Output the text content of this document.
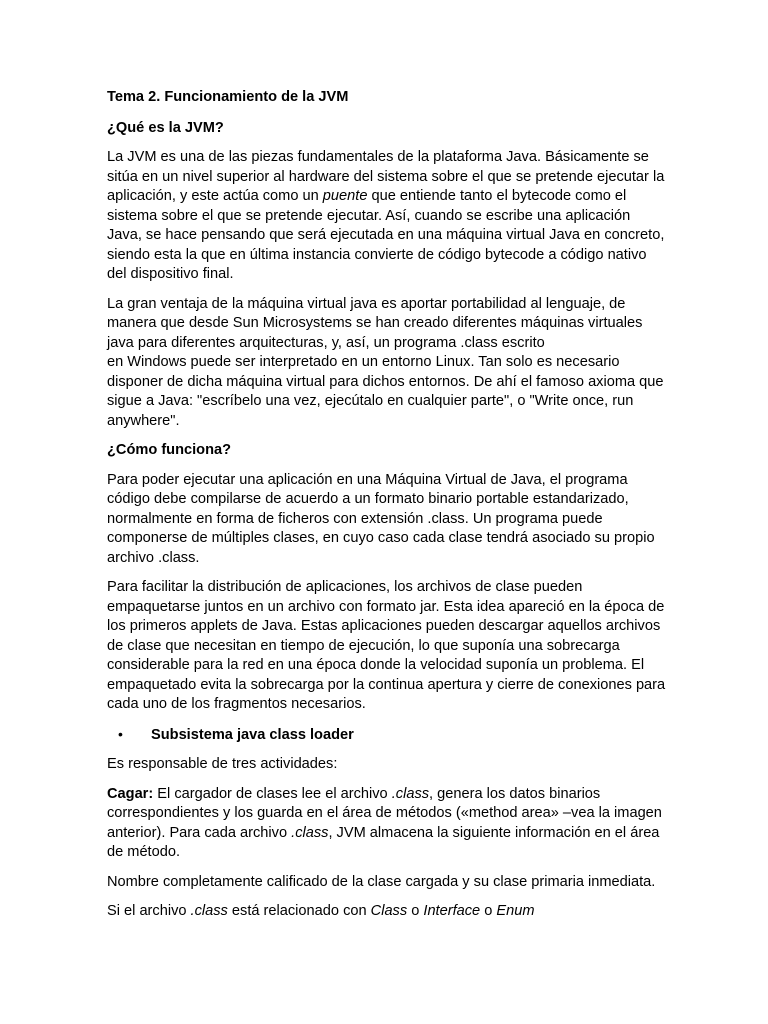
Tema 2. Funcionamiento de la JVM
¿Qué es la JVM?

La JVM es una de las piezas fundamentales de la plataforma Java. Básicamente se sitúa en un nivel superior al hardware del sistema sobre el que se pretende ejecutar la aplicación, y este actúa como un puente que entiende tanto el bytecode como el sistema sobre el que se pretende ejecutar. Así, cuando se escribe una aplicación Java, se hace pensando que será ejecutada en una máquina virtual Java en concreto, siendo esta la que en última instancia convierte de código bytecode a código nativo del dispositivo final.

La gran ventaja de la máquina virtual java es aportar portabilidad al lenguaje, de manera que desde Sun Microsystems se han creado diferentes máquinas virtuales java para diferentes arquitecturas, y, así, un programa .class escrito
en Windows puede ser interpretado en un entorno Linux. Tan solo es necesario disponer de dicha máquina virtual para dichos entornos. De ahí el famoso axioma que sigue a Java: "escríbelo una vez, ejecútalo en cualquier parte", o "Write once, run anywhere".

¿Cómo funciona?

Para poder ejecutar una aplicación en una Máquina Virtual de Java, el programa código debe compilarse de acuerdo a un formato binario portable estandarizado, normalmente en forma de ficheros con extensión .class. Un programa puede componerse de múltiples clases, en cuyo caso cada clase tendrá asociado su propio archivo .class.

Para facilitar la distribución de aplicaciones, los archivos de clase pueden empaquetarse juntos en un archivo con formato jar. Esta idea apareció en la época de los primeros applets de Java. Estas aplicaciones pueden descargar aquellos archivos de clase que necesitan en tiempo de ejecución, lo que suponía una sobrecarga considerable para la red en una época donde la velocidad suponía un problema. El empaquetado evita la sobrecarga por la continua apertura y cierre de conexiones para cada uno de los fragmentos necesarios.

•	Subsistema java class loader

Es responsable de tres actividades:

Cagar: El cargador de clases lee el archivo .class, genera los datos binarios correspondientes y los guarda en el área de métodos («method area» –vea la imagen anterior). Para cada archivo .class, JVM almacena la siguiente información en el área de método.

Nombre completamente calificado de la clase cargada y su clase primaria inmediata.

Si el archivo .class está relacionado con Class o Interface o Enum
